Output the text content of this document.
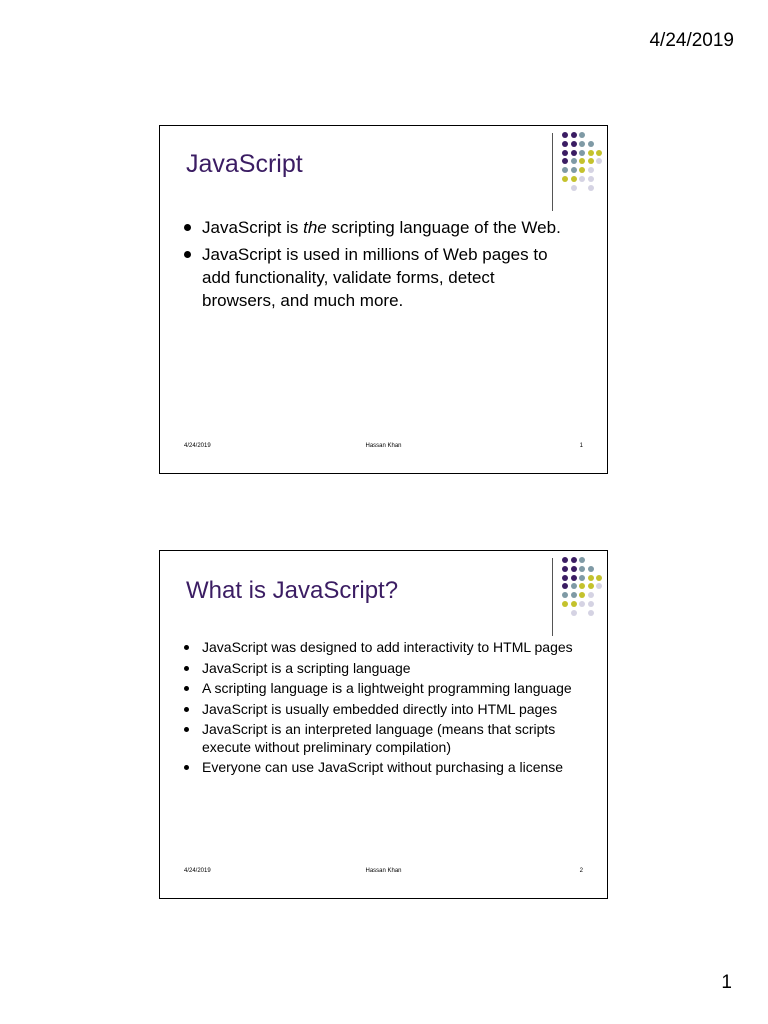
4/24/2019
JavaScript
JavaScript is the scripting language of the Web.
JavaScript is used in millions of Web pages to add functionality, validate forms, detect browsers, and much more.
4/24/2019	Hassan Khan	1
What is JavaScript?
JavaScript was designed to add interactivity to HTML pages
JavaScript is a scripting language
A scripting language is a lightweight programming language
JavaScript is usually embedded directly into HTML pages
JavaScript is an interpreted language (means that scripts execute without preliminary compilation)
Everyone can use JavaScript without purchasing a license
4/24/2019	Hassan Khan	2
1
